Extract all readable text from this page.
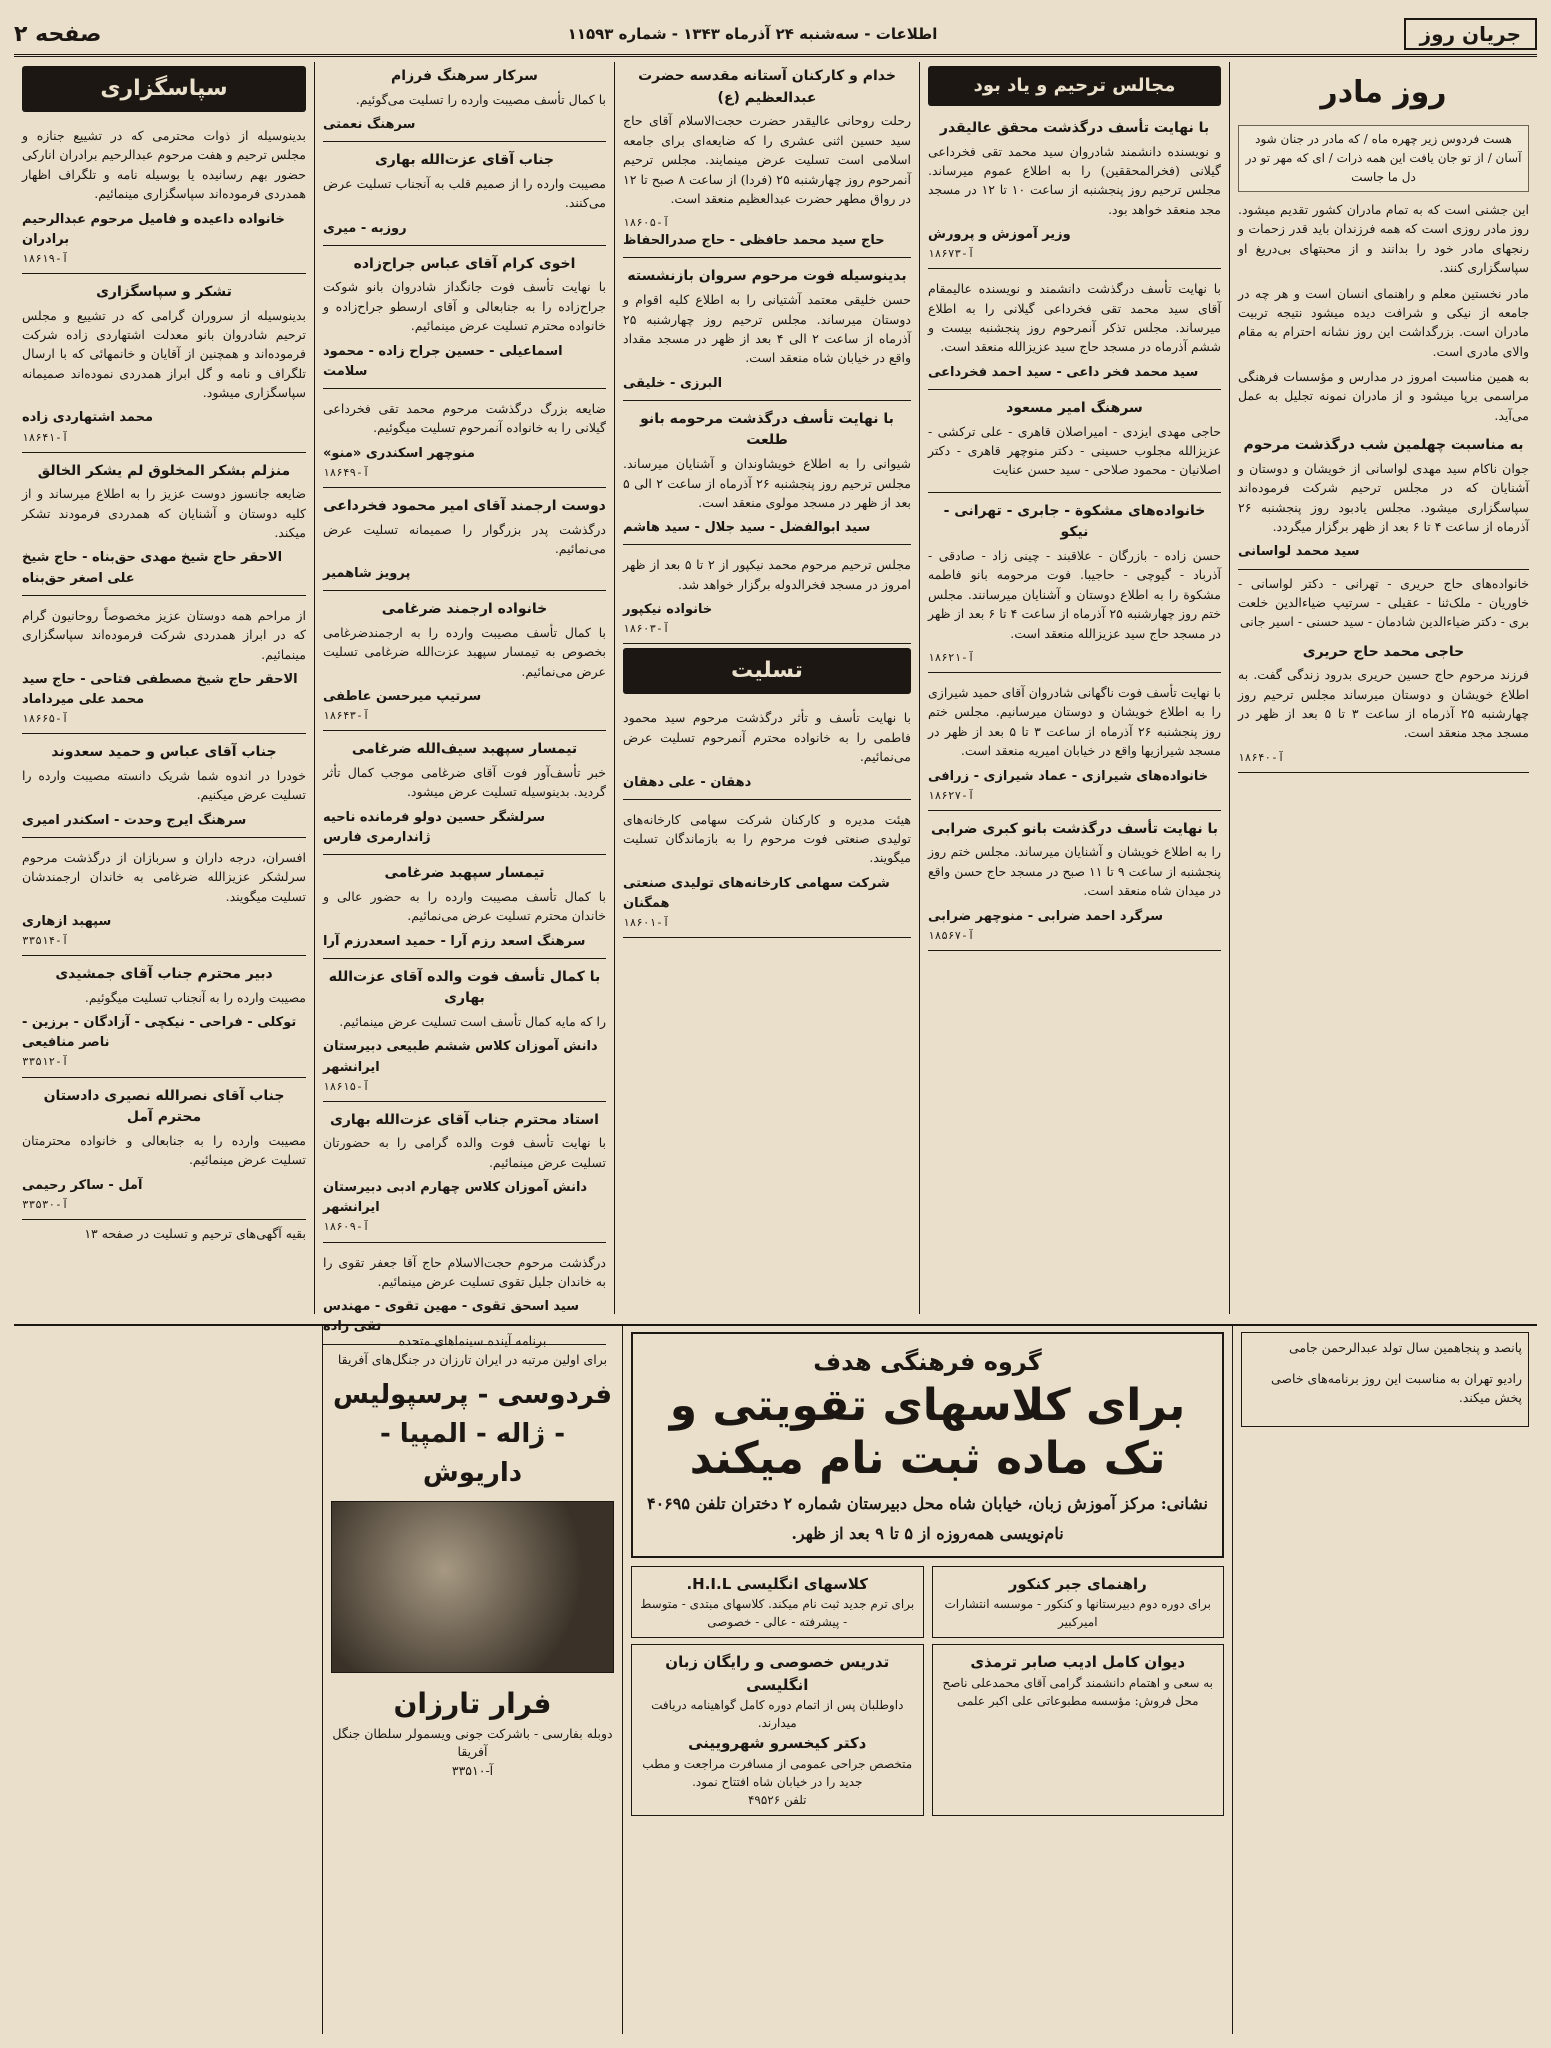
جریان روز
اطلاعات - سه‌شنبه ۲۴ آذرماه ۱۳۴۳ - شماره ۱۱۵۹۳
صفحه ۲
روز مادر
هست فردوس زیر چهره ماه / که مادر در جنان شود آسان / از تو جان یافت این همه ذرات / ای که مهر تو در دل ما جاست

این جشنی است که به تمام مادران کشور تقدیم میشود. روز مادر روزی است که همه فرزندان باید قدر زحمات و رنجهای مادر خود را بدانند و از محبتهای بی‌دریغ او سپاسگزاری کنند.

مادر نخستین معلم و راهنمای انسان است و هر چه در جامعه از نیکی و شرافت دیده میشود نتیجه تربیت مادران است. بزرگداشت این روز نشانه احترام به مقام والای مادری است.

به همین مناسبت امروز در مدارس و مؤسسات فرهنگی مراسمی برپا میشود و از مادران نمونه تجلیل به عمل می‌آید.

به مناسبت چهلمین شب درگذشت مرحوم

جوان ناکام سید مهدی لواسانی از خویشان و دوستان و آشنایان که در مجلس ترحیم شرکت فرموده‌اند سپاسگزاری میشود. مجلس یادبود روز پنجشنبه ۲۶ آذرماه از ساعت ۴ تا ۶ بعد از ظهر برگزار میگردد.

سید محمد لواسانی

خانواده‌های حاج حریری - تهرانی - دکتر لواسانی - خاوریان - ملک‌ثنا - عقیلی - سرتیپ ضیاءالدین خلعت بری - دکتر ضیاءالدین شادمان - سید حسنی - اسیر جانی

حاجی محمد حاج حریری

فرزند مرحوم حاج حسین حریری بدرود زندگی گفت. به اطلاع خویشان و دوستان میرساند مجلس ترحیم روز چهارشنبه ۲۵ آذرماه از ساعت ۳ تا ۵ بعد از ظهر در مسجد مجد منعقد است.

آ-۱۸۶۴۰
مجالس ترحیم و یاد بود
با نهایت تأسف درگذشت محقق عالیقدر

و نویسنده دانشمند شادروان سید محمد تقی فخرداعی گیلانی (فخرالمحققین) را به اطلاع عموم میرساند. مجلس ترحیم روز پنجشنبه از ساعت ۱۰ تا ۱۲ در مسجد مجد منعقد خواهد بود.

وزیر آموزش و پرورش
آ-۱۸۶۷۳

با نهایت تأسف درگذشت دانشمند و نویسنده عالیمقام آقای سید محمد تقی فخرداعی گیلانی را به اطلاع میرساند. مجلس تذکر آنمرحوم روز پنجشنبه بیست و ششم آذرماه در مسجد حاج سید عزیزالله منعقد است.

سید محمد فخر داعی - سید احمد فخرداعی
سرهنگ امیر مسعود

حاجی مهدی ایزدی - امیراصلان قاهری - علی ترکشی - عزیزالله مجلوب حسینی - دکتر منوچهر قاهری - دکتر اصلانیان - محمود صلاحی - سید حسن عنایت

خانواده‌های مشکوة - جابری - تهرانی - نیکو

حسن زاده - بازرگان - علاقبند - چینی زاد - صادقی - آذرباد - گیوچی - حاجیبا. فوت مرحومه بانو فاطمه مشکوة را به اطلاع دوستان و آشنایان میرسانند. مجلس ختم روز چهارشنبه ۲۵ آذرماه از ساعت ۴ تا ۶ بعد از ظهر در مسجد حاج سید عزیزالله منعقد است.

آ-۱۸۶۲۱

با نهایت تأسف فوت ناگهانی شادروان آقای حمید شیرازی را به اطلاع خویشان و دوستان میرسانیم. مجلس ختم روز پنجشنبه ۲۶ آذرماه از ساعت ۳ تا ۵ بعد از ظهر در مسجد شیرازیها واقع در خیابان امیریه منعقد است.

خانواده‌های شیرازی - عماد شیرازی - زرافی
آ-۱۸۶۲۷
با نهایت تأسف درگذشت بانو کبری ضرابی

را به اطلاع خویشان و آشنایان میرساند. مجلس ختم روز پنجشنبه از ساعت ۹ تا ۱۱ صبح در مسجد حاج حسن واقع در میدان شاه منعقد است.

سرگرد احمد ضرابی - منوچهر ضرابی
آ-۱۸۵۶۷
خدام و کارکنان آستانه مقدسه حضرت عبدالعظیم (ع)

رحلت روحانی عالیقدر حضرت حجت‌الاسلام آقای حاج سید حسین اثنی عشری را که ضایعه‌ای برای جامعه اسلامی است تسلیت عرض مینمایند. مجلس ترحیم آنمرحوم روز چهارشنبه ۲۵ (فردا) از ساعت ۸ صبح تا ۱۲ در رواق مطهر حضرت عبدالعظیم منعقد است.

آ-۱۸۶۰۵
حاج سید محمد حافظی - حاج صدرالحفاظ
بدینوسیله فوت مرحوم سروان بازنشسته

حسن خلیقی معتمد آشتیانی را به اطلاع کلیه اقوام و دوستان میرساند. مجلس ترحیم روز چهارشنبه ۲۵ آذرماه از ساعت ۲ الی ۴ بعد از ظهر در مسجد مقداد واقع در خیابان شاه منعقد است.

البرزی - خلیقی
با نهایت تأسف درگذشت مرحومه بانو طلعت

شیوانی را به اطلاع خویشاوندان و آشنایان میرساند. مجلس ترحیم روز پنجشنبه ۲۶ آذرماه از ساعت ۲ الی ۵ بعد از ظهر در مسجد مولوی منعقد است.

سید ابوالفضل - سید جلال - سید هاشم

مجلس ترحیم مرحوم محمد نیکپور از ۲ تا ۵ بعد از ظهر امروز در مسجد فخرالدوله برگزار خواهد شد.

خانواده نیکپور
آ-۱۸۶۰۳
تسلیت

با نهایت تأسف و تأثر درگذشت مرحوم سید محمود فاطمی را به خانواده محترم آنمرحوم تسلیت عرض می‌نمائیم.

دهقان - علی دهقان

هیئت مدیره و کارکنان شرکت سهامی کارخانه‌های تولیدی صنعتی فوت مرحوم را به بازماندگان تسلیت میگویند.

شرکت سهامی کارخانه‌های تولیدی صنعتی همگنان
آ-۱۸۶۰۱
سرکار سرهنگ فرزام

با کمال تأسف مصیبت وارده را تسلیت می‌گوئیم.

سرهنگ نعمتی
جناب آقای عزت‌الله بهاری

مصیبت وارده را از صمیم قلب به آنجناب تسلیت عرض می‌کنند.

روزبه - میری
اخوی کرام آقای عباس جراح‌زاده

با نهایت تأسف فوت جانگداز شادروان بانو شوکت جراح‌زاده را به جنابعالی و آقای ارسطو جراح‌زاده و خانواده محترم تسلیت عرض مینمائیم.

اسماعیلی - حسین جراح زاده - محمود سلامت

ضایعه بزرگ درگذشت مرحوم محمد تقی فخرداعی گیلانی را به خانواده آنمرحوم تسلیت میگوئیم.

منوچهر اسکندری «منو»
آ-۱۸۶۴۹
دوست ارجمند آقای امیر محمود فخرداعی

درگذشت پدر بزرگوار را صمیمانه تسلیت عرض می‌نمائیم.

پرویز شاهمیر
خانواده ارجمند ضرغامی

با کمال تأسف مصیبت وارده را به ارجمندضرغامی بخصوص به تیمسار سپهبد عزت‌الله ضرغامی تسلیت عرض می‌نمائیم.

سرتیپ میرحسن عاطفی
آ-۱۸۶۴۳
تیمسار سپهبد سیف‌الله ضرغامی

خبر تأسف‌آور فوت آقای ضرغامی موجب کمال تأثر گردید. بدینوسیله تسلیت عرض میشود.

سرلشگر حسین دولو فرمانده ناحیه ژاندارمری فارس
تیمسار سپهبد ضرغامی

با کمال تأسف مصیبت وارده را به حضور عالی و خاندان محترم تسلیت عرض می‌نمائیم.

سرهنگ اسعد رزم آرا - حمید اسعدرزم آرا
با کمال تأسف فوت والده آقای عزت‌الله بهاری

را که مایه کمال تأسف است تسلیت عرض مینمائیم.

دانش آموزان کلاس ششم طبیعی دبیرستان ایرانشهر
آ-۱۸۶۱۵
استاد محترم جناب آقای عزت‌الله بهاری

با نهایت تأسف فوت والده گرامی را به حضورتان تسلیت عرض مینمائیم.

دانش آموزان کلاس چهارم ادبی دبیرستان ایرانشهر
آ-۱۸۶۰۹

درگذشت مرحوم حجت‌الاسلام حاج آقا جعفر تقوی را به خاندان جلیل تقوی تسلیت عرض مینمائیم.

سید اسحق تقوی - مهین تقوی - مهندس تقی زاده
سپاسگزاری

بدینوسیله از ذوات محترمی که در تشییع جنازه و مجلس ترحیم و هفت مرحوم عبدالرحیم برادران انارکی حضور بهم رسانیده یا بوسیله نامه و تلگراف اظهار همدردی فرموده‌اند سپاسگزاری مینمائیم.

خانواده داعیده و فامیل مرحوم عبدالرحیم برادران
آ-۱۸۶۱۹
تشکر و سپاسگزاری

بدینوسیله از سروران گرامی که در تشییع و مجلس ترحیم شادروان بانو معدلت اشتهاردی زاده شرکت فرموده‌اند و همچنین از آقایان و خانمهائی که با ارسال تلگراف و نامه و گل ابراز همدردی نموده‌اند صمیمانه سپاسگزاری میشود.

محمد اشتهاردی زاده
آ-۱۸۶۴۱
منزلم بشکر المخلوق لم یشکر الخالق

ضایعه جانسوز دوست عزیز را به اطلاع میرساند و از کلیه دوستان و آشنایان که همدردی فرمودند تشکر میکند.

الاحقر حاج شیخ مهدی حق‌بناه - حاج شیخ علی اصغر حق‌بناه

از مراحم همه دوستان عزیز مخصوصاً روحانیون گرام که در ابراز همدردی شرکت فرموده‌اند سپاسگزاری مینمائیم.

الاحقر حاج شیخ مصطفی فتاحی - حاج سید محمد علی میرداماد
آ-۱۸۶۶۵
جناب آقای عباس و حمید سعدوند

خودرا در اندوه شما شریک دانسته مصیبت وارده را تسلیت عرض میکنیم.

سرهنگ ایرج وحدت - اسکندر امیری

افسران، درجه داران و سربازان از درگذشت مرحوم سرلشکر عزیزالله ضرغامی به خاندان ارجمندشان تسلیت میگویند.

سپهبد ازهاری
آ-۳۳۵۱۴
دبیر محترم جناب آقای جمشیدی

مصیبت وارده را به آنجناب تسلیت میگوئیم.

توکلی - فراحی - نیکچی - آزادگان - برزین - ناصر منافیعی
آ-۳۳۵۱۲
جناب آقای نصرالله نصیری دادستان محترم آمل

مصیبت وارده را به جنابعالی و خانواده محترمتان تسلیت عرض مینمائیم.

آمل - ساکر رحیمی
آ-۳۳۵۳۰
بقیه آگهی‌های ترحیم و تسلیت در صفحه ۱۳
پانصد و پنجاهمین سال تولد عبدالرحمن جامی

رادیو تهران به مناسبت این روز برنامه‌های خاصی پخش میکند.

گروه فرهنگی هدف
برای کلاسهای تقویتی و تک ماده ثبت نام میکند
نشانی: مرکز آموزش زبان، خیابان شاه محل دبیرستان شماره ۲ دختران تلفن ۴۰۶۹۵
نام‌نویسی همه‌روزه از ۵ تا ۹ بعد از ظهر.
راهنمای جبر کنکور
برای دوره دوم دبیرستانها و کنکور - موسسه انتشارات امیرکبیر
کلاسهای انگلیسی H.I.L.
برای ترم جدید ثبت نام میکند. کلاسهای مبتدی - متوسط - پیشرفته - عالی - خصوصی
دیوان کامل ادیب صابر ترمذی
به سعی و اهتمام دانشمند گرامی آقای محمدعلی ناصح
محل فروش: مؤسسه مطبوعاتی علی اکبر علمی
تدریس خصوصی و رایگان زبان انگلیسی
داوطلبان پس از اتمام دوره کامل گواهینامه دریافت میدارند.
دکتر کیخسرو شهرویینی
متخصص جراحی عمومی از مسافرت مراجعت و مطب جدید را در خیابان شاه افتتاح نمود.
تلفن ۴۹۵۲۶
برنامه آینده سینماهای متحده
برای اولین مرتبه در ایران تارزان در جنگل‌های آفریقا
فردوسی - پرسپولیس - ژاله - المپیا - داریوش
فرار تارزان
دوبله بفارسی - باشرکت جونی ویسمولر سلطان جنگل آفریقا
آ-۳۳۵۱۰
